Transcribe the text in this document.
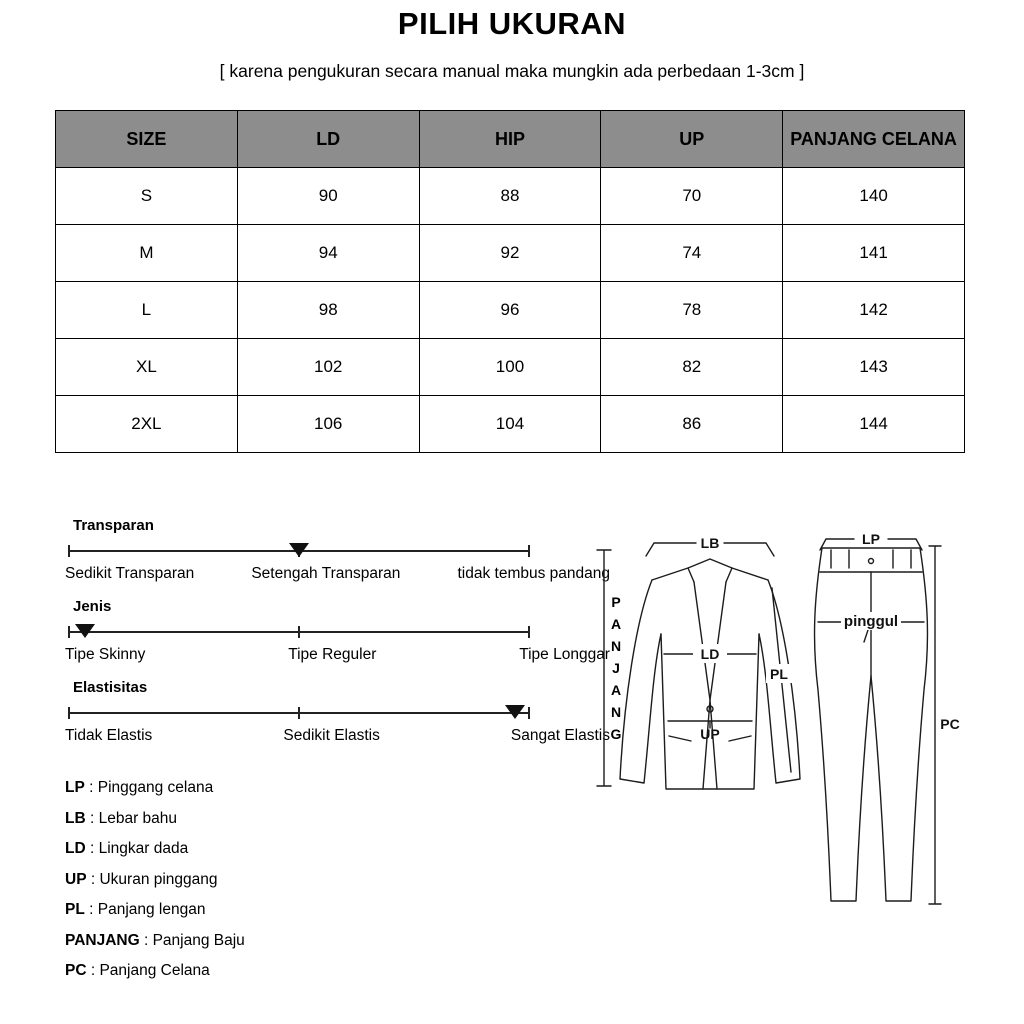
PILIH UKURAN
[ karena pengukuran secara manual maka mungkin ada perbedaan 1-3cm ]
SIZE	LD	HIP	UP	PANJANG CELANA
S	90	88	70	140
M	94	92	74	141
L	98	96	78	142
XL	102	100	82	143
2XL	106	104	86	144
Transparan
Sedikit Transparan	Setengah Transparan	tidak tembus pandang
Jenis
Tipe Skinny	Tipe Reguler	Tipe Longgar
Elastisitas
Tidak Elastis	Sedikit Elastis	Sangat Elastis
LP : Pinggang celana
LB : Lebar bahu
LD : Lingkar dada
UP : Ukuran pinggang
PL : Panjang lengan
PANJANG : Panjang Baju
PC : Panjang Celana
LB
LD
PL
UP
LP
pinggul
PC
PANJANG
